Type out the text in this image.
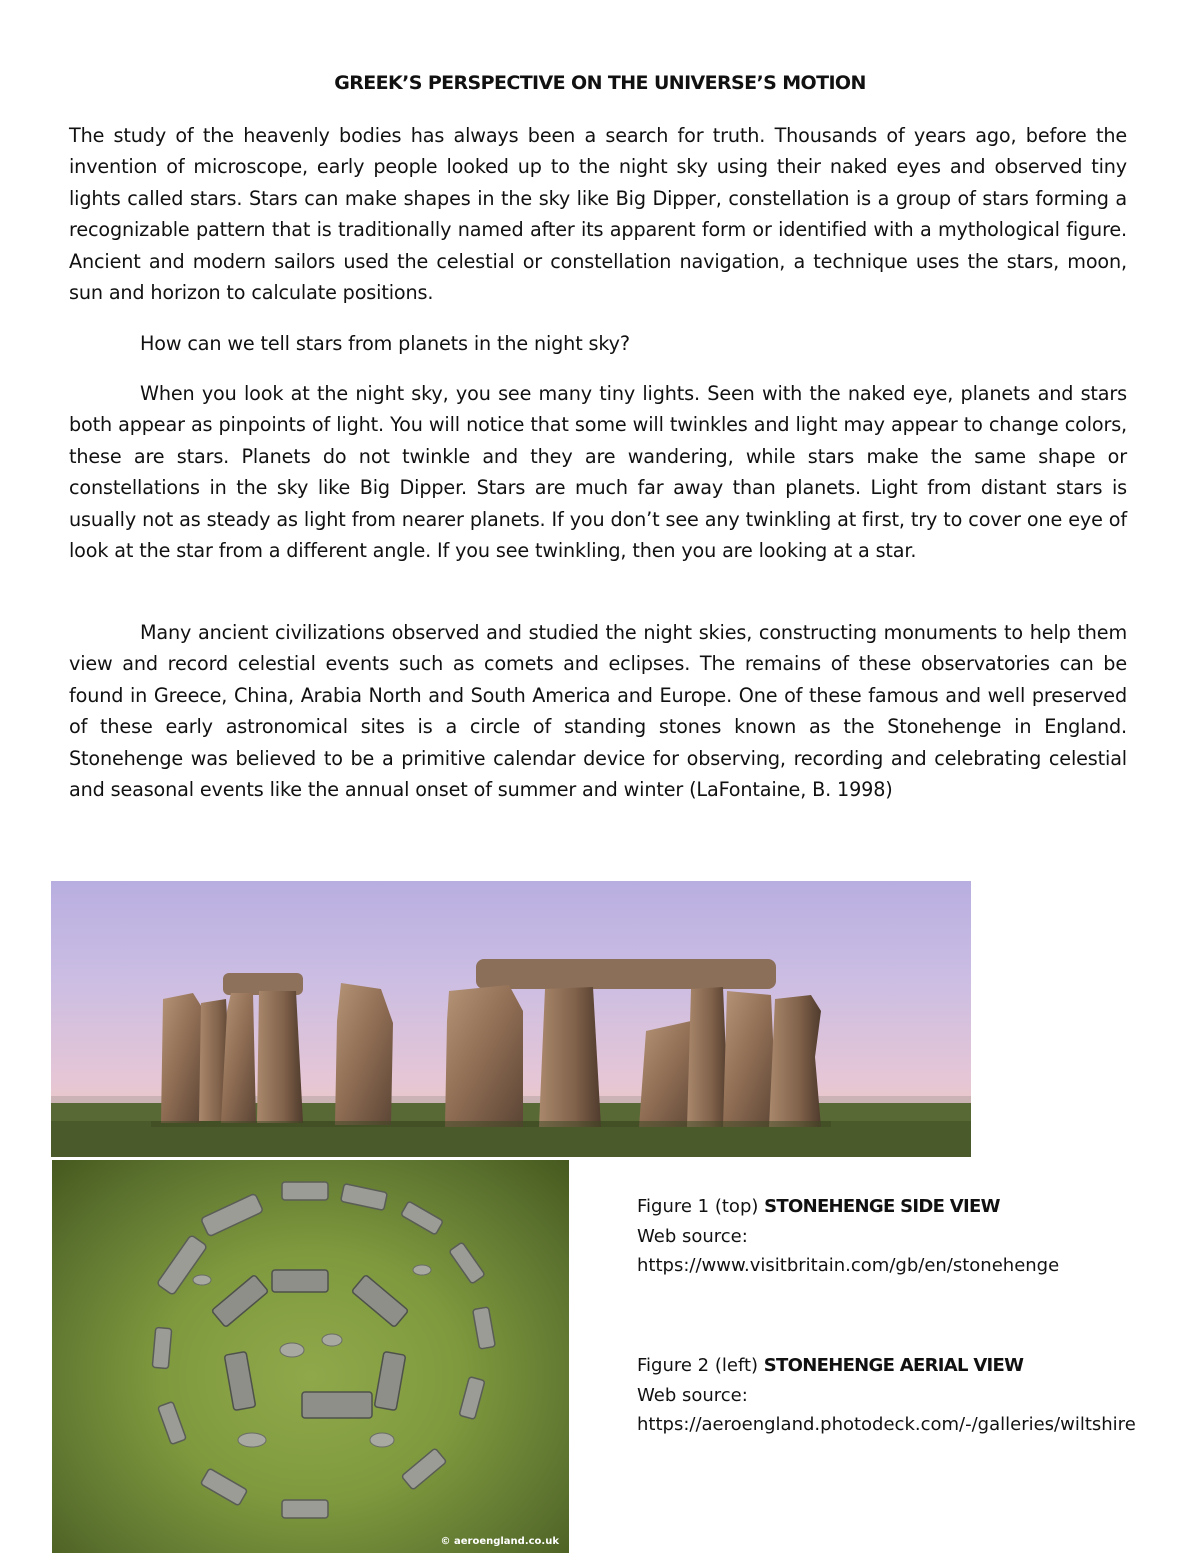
GREEK’S PERSPECTIVE ON THE UNIVERSE’S MOTION

The study of the heavenly bodies has always been a search for truth. Thousands of years ago, before the invention of microscope, early people looked up to the night sky using their naked eyes and observed tiny lights called stars. Stars can make shapes in the sky like Big Dipper, constellation is a group of stars forming a recognizable pattern that is traditionally named after its apparent form or identified with a mythological figure. Ancient and modern sailors used the celestial or constellation navigation, a technique uses the stars, moon, sun and horizon to calculate positions.

How can we tell stars from planets in the night sky?

When you look at the night sky, you see many tiny lights. Seen with the naked eye, planets and stars both appear as pinpoints of light. You will notice that some will twinkles and light may appear to change colors, these are stars. Planets do not twinkle and they are wandering, while stars make the same shape or constellations in the sky like Big Dipper. Stars are much far away than planets. Light from distant stars is usually not as steady as light from nearer planets. If you don’t see any twinkling at first, try to cover one eye of look at the star from a different angle. If you see twinkling, then you are looking at a star.

Many ancient civilizations observed and studied the night skies, constructing monuments to help them view and record celestial events such as comets and eclipses. The remains of these observatories can be found in Greece, China, Arabia North and South America and Europe. One of these famous and well preserved of these early astronomical sites is a circle of standing stones known as the Stonehenge in England. Stonehenge was believed to be a primitive calendar device for observing, recording and celebrating celestial and seasonal events like the annual onset of summer and winter (LaFontaine, B. 1998)

© aeroengland.co.uk
Figure 1 (top) STONEHENGE SIDE VIEW
Web source:
https://www.visitbritain.com/gb/en/stonehenge
Figure 2 (left) STONEHENGE AERIAL VIEW
Web source:
https://aeroengland.photodeck.com/-/galleries/wiltshire
